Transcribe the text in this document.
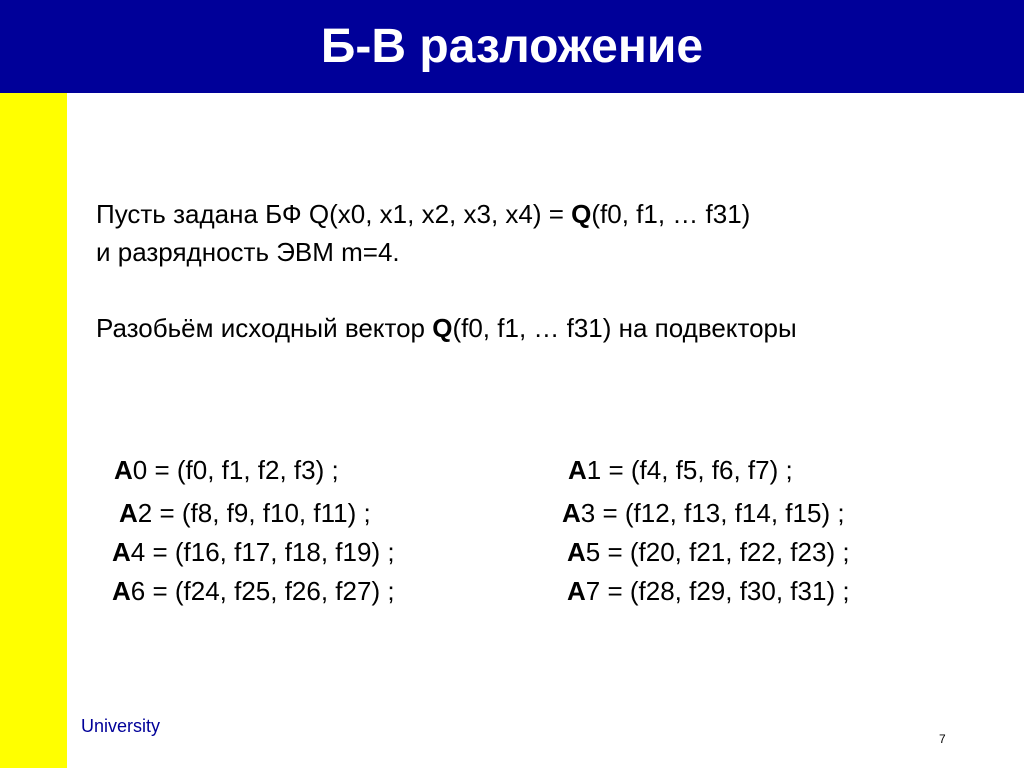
Б-В разложение

Пусть задана БФ Q(x0, x1, x2, x3, x4) = Q(f0, f1, … f31)
и разрядность ЭВМ m=4.

Разобьём исходный вектор Q(f0, f1, … f31) на подвекторы

A0 = (f0, f1, f2, f3) ;	A1 = (f4, f5, f6, f7) ;
A2 = (f8, f9, f10, f11) ;	A3 = (f12, f13, f14, f15) ;
A4 = (f16, f17, f18, f19) ;	A5 = (f20, f21, f22, f23) ;
A6 = (f24, f25, f26, f27) ;	A7 = (f28, f29, f30, f31) ;
University
7
